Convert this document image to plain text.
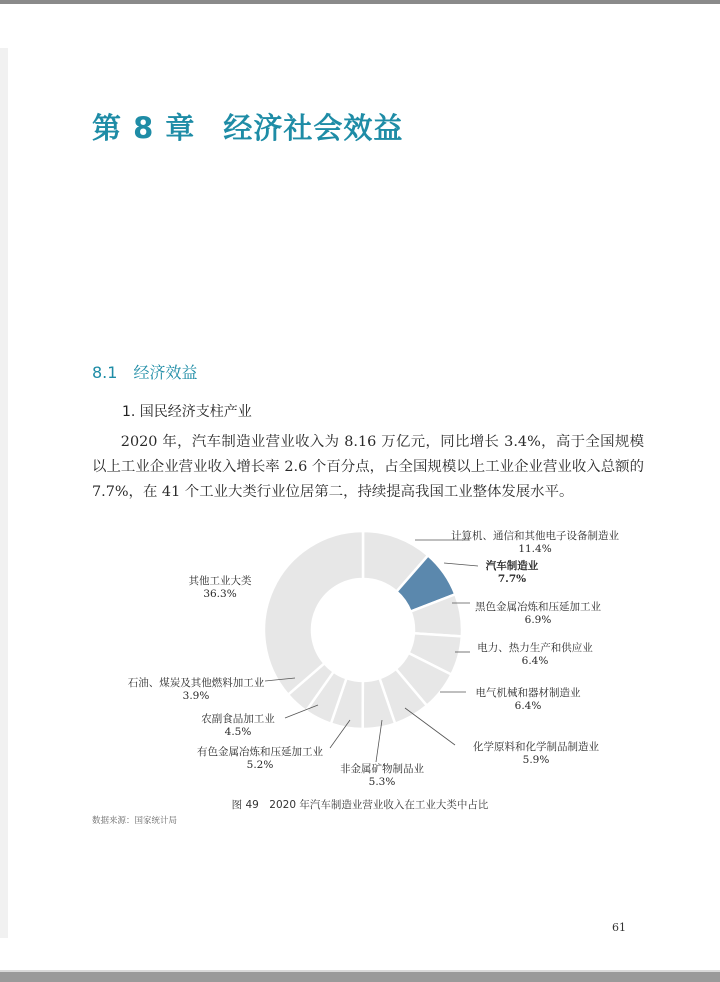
第 8 章 经济社会效益
8.1 经济效益
1. 国民经济支柱产业

2020 年，汽车制造业营业收入为 8.16 万亿元，同比增长 3.4%，高于全国规模以上工业企业营业收入增长率 2.6 个百分点，占全国规模以上工业企业营业收入总额的 7.7%，在 41 个工业大类行业位居第二，持续提高我国工业整体发展水平。

计算机、通信和其他电子设备制造业
11.4%
汽车制造业
7.7%
黑色金属冶炼和压延加工业
6.9%
电力、热力生产和供应业
6.4%
电气机械和器材制造业
6.4%
化学原料和化学制品制造业
5.9%
非金属矿物制品业
5.3%
有色金属冶炼和压延加工业
5.2%
农副食品加工业
4.5%
石油、煤炭及其他燃料加工业
3.9%
其他工业大类
36.3%
图 49　2020 年汽车制造业营业收入在工业大类中占比
数据来源：国家统计局
61
